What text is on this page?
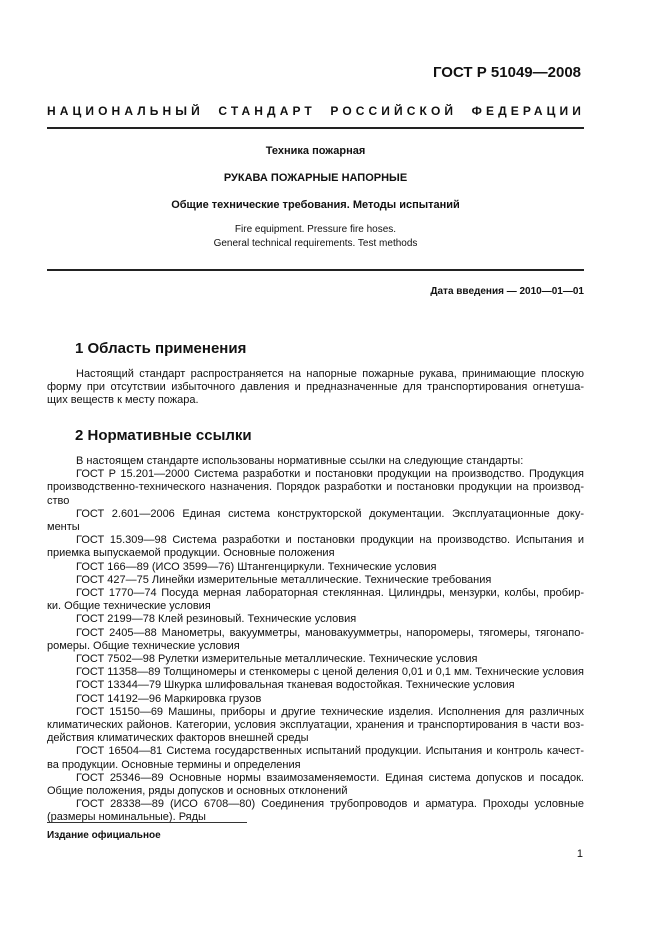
ГОСТ Р 51049—2008
НАЦИОНАЛЬНЫЙ СТАНДАРТ РОССИЙСКОЙ ФЕДЕРАЦИИ
Техника пожарная
РУКАВА ПОЖАРНЫЕ НАПОРНЫЕ
Общие технические требования. Методы испытаний
Fire equipment. Pressure fire hoses.
General technical requirements. Test methods
Дата введения — 2010—01—01
1 Область применения
Настоящий стандарт распространяется на напорные пожарные рукава, принимающие плоскую
форму при отсутствии избыточного давления и предназначенные для транспортирования огнетуша-
щих веществ к месту пожара.
2 Нормативные ссылки
В настоящем стандарте использованы нормативные ссылки на следующие стандарты:
ГОСТ Р 15.201—2000 Система разработки и постановки продукции на производство. Продукция
производственно-технического назначения. Порядок разработки и постановки продукции на производ-
ство
ГОСТ 2.601—2006 Единая система конструкторской документации. Эксплуатационные доку-
менты
ГОСТ 15.309—98 Система разработки и постановки продукции на производство. Испытания и
приемка выпускаемой продукции. Основные положения
ГОСТ 166—89 (ИСО 3599—76) Штангенциркули. Технические условия
ГОСТ 427—75 Линейки измерительные металлические. Технические требования
ГОСТ 1770—74 Посуда мерная лабораторная стеклянная. Цилиндры, мензурки, колбы, пробир-
ки. Общие технические условия
ГОСТ 2199—78 Клей резиновый. Технические условия
ГОСТ 2405—88 Манометры, вакуумметры, мановакуумметры, напоромеры, тягомеры, тягонапо-
ромеры. Общие технические условия
ГОСТ 7502—98 Рулетки измерительные металлические. Технические условия
ГОСТ 11358—89 Толщиномеры и стенкомеры с ценой деления 0,01 и 0,1 мм. Технические условия
ГОСТ 13344—79 Шкурка шлифовальная тканевая водостойкая. Технические условия
ГОСТ 14192—96 Маркировка грузов
ГОСТ 15150—69 Машины, приборы и другие технические изделия. Исполнения для различных
климатических районов. Категории, условия эксплуатации, хранения и транспортирования в части воз-
действия климатических факторов внешней среды
ГОСТ 16504—81 Система государственных испытаний продукции. Испытания и контроль качест-
ва продукции. Основные термины и определения
ГОСТ 25346—89 Основные нормы взаимозаменяемости. Единая система допусков и посадок.
Общие положения, ряды допусков и основных отклонений
ГОСТ 28338—89 (ИСО 6708—80) Соединения трубопроводов и арматура. Проходы условные
(размеры номинальные). Ряды
Издание официальное
1
